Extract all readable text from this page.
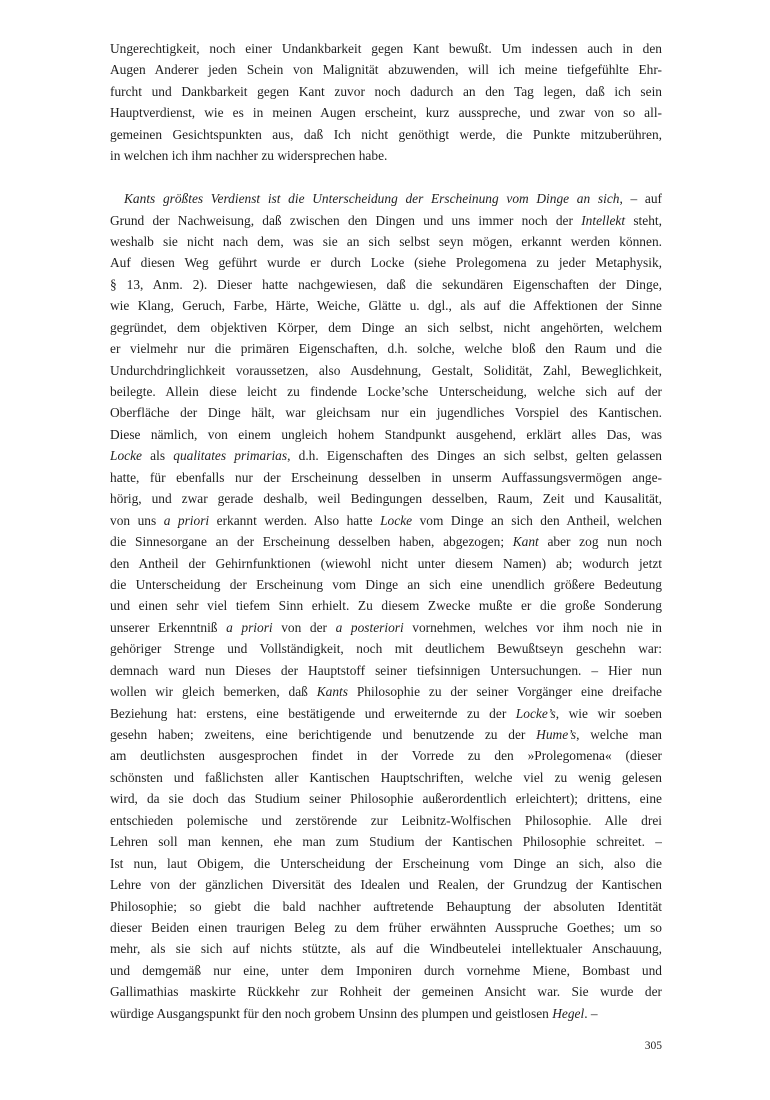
Ungerechtigkeit, noch einer Undankbarkeit gegen Kant bewußt. Um indessen auch in den
Augen Anderer jeden Schein von Malignität abzuwenden, will ich meine tiefgefühlte Ehr-
furcht und Dankbarkeit gegen Kant zuvor noch dadurch an den Tag legen, daß ich sein
Hauptverdienst, wie es in meinen Augen erscheint, kurz ausspreche, und zwar von so all-
gemeinen Gesichtspunkten aus, daß Ich nicht genöthigt werde, die Punkte mitzuberühren,
in welchen ich ihm nachher zu widersprechen habe.
Kants größtes Verdienst ist die Unterscheidung der Erscheinung vom Dinge an sich, – auf
Grund der Nachweisung, daß zwischen den Dingen und uns immer noch der Intellekt steht,
weshalb sie nicht nach dem, was sie an sich selbst seyn mögen, erkannt werden können.
Auf diesen Weg geführt wurde er durch Locke (siehe Prolegomena zu jeder Metaphysik,
§ 13, Anm. 2). Dieser hatte nachgewiesen, daß die sekundären Eigenschaften der Dinge,
wie Klang, Geruch, Farbe, Härte, Weiche, Glätte u. dgl., als auf die Affektionen der Sinne
gegründet, dem objektiven Körper, dem Dinge an sich selbst, nicht angehörten, welchem
er vielmehr nur die primären Eigenschaften, d.h. solche, welche bloß den Raum und die
Undurchdringlichkeit voraussetzen, also Ausdehnung, Gestalt, Solidität, Zahl, Beweglichkeit,
beilegte. Allein diese leicht zu findende Locke’sche Unterscheidung, welche sich auf der
Oberfläche der Dinge hält, war gleichsam nur ein jugendliches Vorspiel des Kantischen.
Diese nämlich, von einem ungleich hohem Standpunkt ausgehend, erklärt alles Das, was
Locke als qualitates primarias, d.h. Eigenschaften des Dinges an sich selbst, gelten gelassen
hatte, für ebenfalls nur der Erscheinung desselben in unserm Auffassungsvermögen ange-
hörig, und zwar gerade deshalb, weil Bedingungen desselben, Raum, Zeit und Kausalität,
von uns a priori erkannt werden. Also hatte Locke vom Dinge an sich den Antheil, welchen
die Sinnesorgane an der Erscheinung desselben haben, abgezogen; Kant aber zog nun noch
den Antheil der Gehirnfunktionen (wiewohl nicht unter diesem Namen) ab; wodurch jetzt
die Unterscheidung der Erscheinung vom Dinge an sich eine unendlich größere Bedeutung
und einen sehr viel tiefem Sinn erhielt. Zu diesem Zwecke mußte er die große Sonderung
unserer Erkenntniß a priori von der a posteriori vornehmen, welches vor ihm noch nie in
gehöriger Strenge und Vollständigkeit, noch mit deutlichem Bewußtseyn geschehn war:
demnach ward nun Dieses der Hauptstoff seiner tiefsinnigen Untersuchungen. – Hier nun
wollen wir gleich bemerken, daß Kants Philosophie zu der seiner Vorgänger eine dreifache
Beziehung hat: erstens, eine bestätigende und erweiternde zu der Locke’s, wie wir soeben
gesehn haben; zweitens, eine berichtigende und benutzende zu der Hume’s, welche man
am deutlichsten ausgesprochen findet in der Vorrede zu den »Prolegomena« (dieser
schönsten und faßlichsten aller Kantischen Hauptschriften, welche viel zu wenig gelesen
wird, da sie doch das Studium seiner Philosophie außerordentlich erleichtert); drittens, eine
entschieden polemische und zerstörende zur Leibnitz-Wolfischen Philosophie. Alle drei
Lehren soll man kennen, ehe man zum Studium der Kantischen Philosophie schreitet. –
Ist nun, laut Obigem, die Unterscheidung der Erscheinung vom Dinge an sich, also die
Lehre von der gänzlichen Diversität des Idealen und Realen, der Grundzug der Kantischen
Philosophie; so giebt die bald nachher auftretende Behauptung der absoluten Identität
dieser Beiden einen traurigen Beleg zu dem früher erwähnten Ausspruche Goethes; um so
mehr, als sie sich auf nichts stützte, als auf die Windbeutelei intellektualer Anschauung,
und demgemäß nur eine, unter dem Imponiren durch vornehme Miene, Bombast und
Gallimathias maskirte Rückkehr zur Rohheit der gemeinen Ansicht war. Sie wurde der
würdige Ausgangspunkt für den noch grobem Unsinn des plumpen und geistlosen Hegel. –
305
